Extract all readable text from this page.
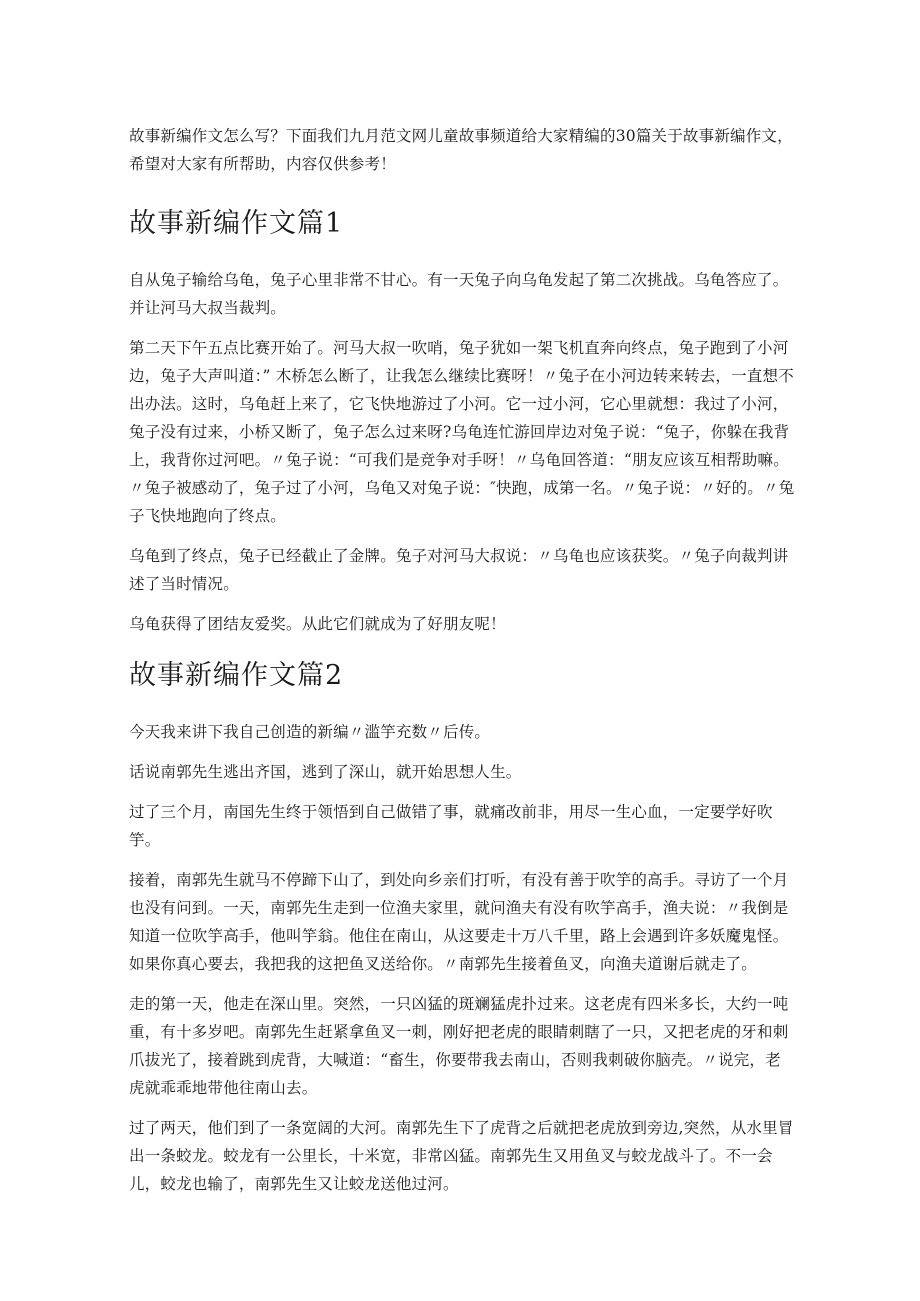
故事新编作文怎么写？下面我们九月范文网儿童故事频道给大家精编的30篇关于故事新编作文，希望对大家有所帮助，内容仅供参考！

故事新编作文篇1

自从兔子输给乌龟，兔子心里非常不甘心。有一天兔子向乌龟发起了第二次挑战。乌龟答应了。并让河马大叔当裁判。

第二天下午五点比赛开始了。河马大叔一吹哨，兔子犹如一架飞机直奔向终点，兔子跑到了小河边，兔子大声叫道：” 木桥怎么断了，让我怎么继续比赛呀！〃兔子在小河边转来转去，一直想不出办法。这时，乌龟赶上来了，它飞快地游过了小河。它一过小河，它心里就想：我过了小河，兔子没有过来，小桥又断了，兔子怎么过来呀?乌龟连忙游回岸边对兔子说：“兔子，你躲在我背上，我背你过河吧。〃兔子说：“可我们是竞争对手呀！〃乌龟回答道：“朋友应该互相帮助嘛。〃兔子被感动了，兔子过了小河，乌龟又对兔子说：″快跑，成第一名。〃兔子说：〃好的。〃兔子飞快地跑向了终点。

乌龟到了终点，兔子已经截止了金牌。兔子对河马大叔说：〃乌龟也应该获奖。〃兔子向裁判讲述了当时情况。

乌龟获得了团结友爱奖。从此它们就成为了好朋友呢！

故事新编作文篇2

今天我来讲下我自己创造的新编〃滥竽充数〃后传。

话说南郭先生逃出齐国，逃到了深山，就开始思想人生。

过了三个月，南国先生终于领悟到自己做错了事，就痛改前非，用尽一生心血，一定要学好吹竽。

接着，南郭先生就马不停蹄下山了，到处向乡亲们打听，有没有善于吹竽的高手。寻访了一个月也没有问到。一天，南郭先生走到一位渔夫家里，就问渔夫有没有吹竽高手，渔夫说：〃我倒是知道一位吹竽高手，他叫竽翁。他住在南山，从这要走十万八千里，路上会遇到许多妖魔鬼怪。如果你真心要去，我把我的这把鱼叉送给你。〃南郭先生接着鱼叉，向渔夫道谢后就走了。

走的第一天，他走在深山里。突然，一只凶猛的斑斓猛虎扑过来。这老虎有四米多长，大约一吨重，有十多岁吧。南郭先生赶紧拿鱼叉一刺，刚好把老虎的眼睛刺瞎了一只，又把老虎的牙和刺爪拔光了，接着跳到虎背，大喊道：“畜生，你要带我去南山，否则我刺破你脑壳。〃说完，老虎就乖乖地带他往南山去。

过了两天，他们到了一条宽阔的大河。南郭先生下了虎背之后就把老虎放到旁边,突然，从水里冒出一条蛟龙。蛟龙有一公里长，十米宽，非常凶猛。南郭先生又用鱼叉与蛟龙战斗了。不一会儿，蛟龙也输了，南郭先生又让蛟龙送他过河。
